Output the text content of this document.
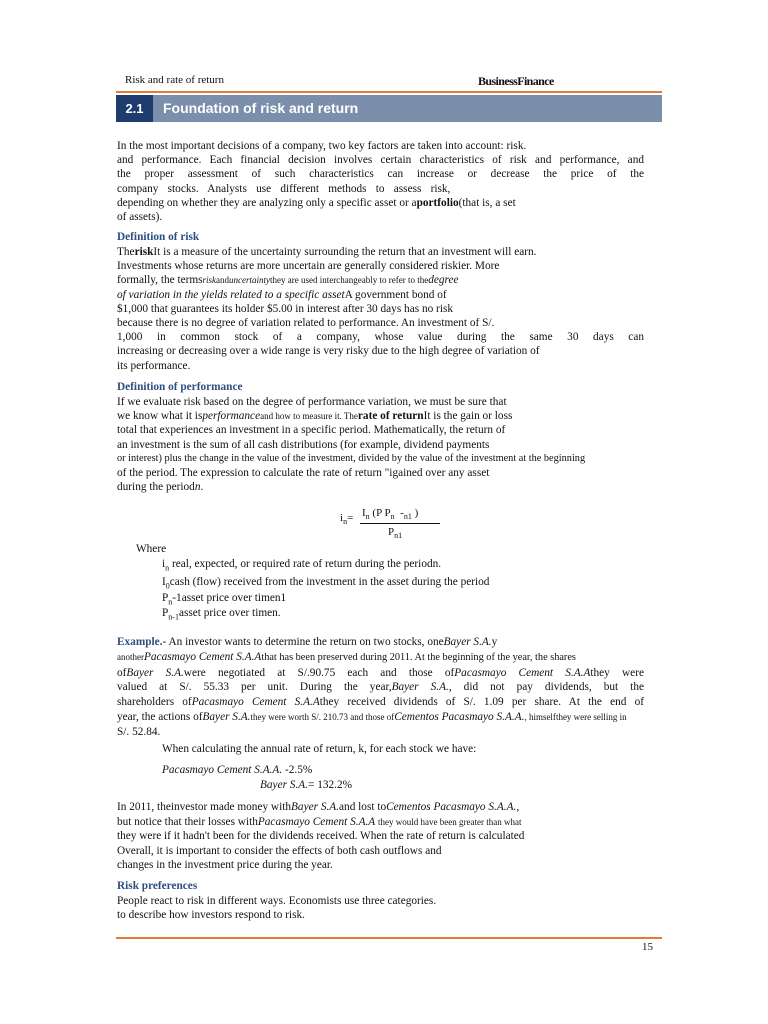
Risk and rate of return	BusinessFinance
2.1	Foundation of risk and return
In the most important decisions of a company, two key factors are taken into account: risk.
and performance. Each financial decision involves certain characteristics of risk and performance, and
the proper assessment of such characteristics can increase or decrease the price of the
company stocks. Analysts use different methods to assess risk,
depending on whether they are analyzing only a specific asset or aportfolio(that is, a set
of assets).
Definition of risk
TheriskIt is a measure of the uncertainty surrounding the return that an investment will earn.
Investments whose returns are more uncertain are generally considered riskier. More
formally, the termsriskanduncertaintythey are used interchangeably to refer to thedegree
of variation in the yields related to a specific assetA government bond of
$1,000 that guarantees its holder $5.00 in interest after 30 days has no risk
because there is no degree of variation related to performance. An investment of S/.
1,000 in common stock of a company, whose value during the same 30 days can
increasing or decreasing over a wide range is very risky due to the high degree of variation of
its performance.
Definition of performance
If we evaluate risk based on the degree of performance variation, we must be sure that
we know what it isperformanceand how to measure it. Therate of returnIt is the gain or loss
total that experiences an investment in a specific period. Mathematically, the return of
an investment is the sum of all cash distributions (for example, dividend payments
or interest) plus the change in the value of the investment, divided by the value of the investment at the beginning
of the period. The expression to calculate the rate of return "igained over any asset
during the periodn.
$i_n= I_n$ (P $P_n$ $-_{n1}$ )
$P_{n1}$
Where
$i_n$ real, expected, or required rate of return during the periodn.
$I_0cash$ (flow) received from the investment in the asset during the period
$P_n-1asset$ price over timen1
$P_{n-1}asset$ price over timen.
Example.- An investor wants to determine the return on two stocks, oneBayer S.A.y
anotherPacasmayo Cement S.A.Athat has been preserved during 2011. At the beginning of the year, the shares
ofBayer S.A.were negotiated at S/.90.75 each and those ofPacasmayo Cement S.A.Athey were
valued at S/. 55.33 per unit. During the year,Bayer S.A., did not pay dividends, but the
shareholders ofPacasmayo Cement S.A.Athey received dividends of S/. 1.09 per share. At the end of
year, the actions ofBayer S.A.they were worth S/. 210.73 and those ofCementos Pacasmayo S.A.A., himselfthey were selling in
S/. 52.84.
When calculating the annual rate of return, k, for each stock we have:
Pacasmayo Cement S.A.A. -2.5%
Bayer S.A.= 132.2%
In 2011, theinvestor made money withBayer S.A.and lost toCementos Pacasmayo S.A.A.,
but notice that their losses withPacasmayo Cement S.A.A they would have been greater than what
they were if it hadn't been for the dividends received. When the rate of return is calculated
Overall, it is important to consider the effects of both cash outflows and
changes in the investment price during the year.
Risk preferences
People react to risk in different ways. Economists use three categories.
to describe how investors respond to risk.
15
